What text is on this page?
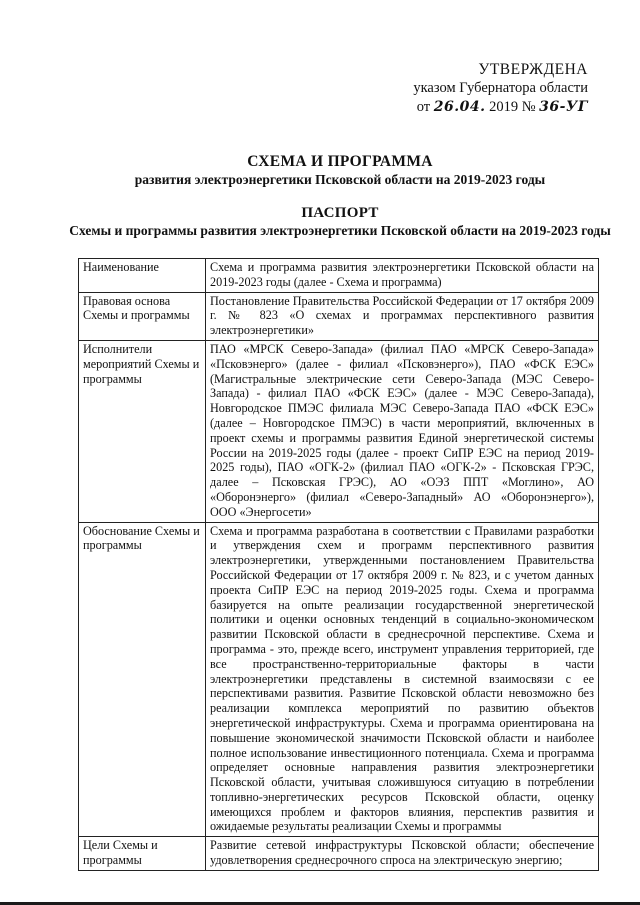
УТВЕРЖДЕНА
указом Губернатора области
от 26.04. 2019 № 36-УГ
СХЕМА И ПРОГРАММА
развития электроэнергетики Псковской области на 2019-2023 годы
ПАСПОРТ
Схемы и программы развития электроэнергетики Псковской области на 2019-2023 годы
Наименование	Схема и программа развития электроэнергетики Псковской области на 2019-2023 годы (далее - Схема и программа)
Правовая основа Схемы и программы	Постановление Правительства Российской Федерации от 17 октября 2009 г. № 823 «О схемах и программах перспективного развития электроэнергетики»
Исполнители мероприятий Схемы и программы	ПАО «МРСК Северо-Запада» (филиал ПАО «МРСК Северо-Запада» «Псковэнерго» (далее - филиал «Псковэнерго»), ПАО «ФСК ЕЭС» (Магистральные электрические сети Северо-Запада (МЭС Северо-Запада) - филиал ПАО «ФСК ЕЭС» (далее - МЭС Северо-Запада), Новгородское ПМЭС филиала МЭС Северо-Запада ПАО «ФСК ЕЭС» (далее – Новгородское ПМЭС) в части мероприятий, включенных в проект схемы и программы развития Единой энергетической системы России на 2019-2025 годы (далее - проект СиПР ЕЭС на период 2019-2025 годы), ПАО «ОГК-2» (филиал ПАО «ОГК-2» - Псковская ГРЭС, далее – Псковская ГРЭС), АО «ОЭЗ ППТ «Моглино», АО «Оборонэнерго» (филиал «Северо-Западный» АО «Оборонэнерго»), ООО «Энергосети»
Обоснование Схемы и программы	Схема и программа разработана в соответствии с Правилами разработки и утверждения схем и программ перспективного развития электроэнергетики, утвержденными постановлением Правительства Российской Федерации от 17 октября 2009 г. № 823, и с учетом данных проекта СиПР ЕЭС на период 2019-2025 годы. Схема и программа базируется на опыте реализации государственной энергетической политики и оценки основных тенденций в социально-экономическом развитии Псковской области в среднесрочной перспективе. Схема и программа - это, прежде всего, инструмент управления территорией, где все пространственно-территориальные факторы в части электроэнергетики представлены в системной взаимосвязи с ее перспективами развития. Развитие Псковской области невозможно без реализации комплекса мероприятий по развитию объектов энергетической инфраструктуры. Схема и программа ориентирована на повышение экономической значимости Псковской области и наиболее полное использование инвестиционного потенциала. Схема и программа определяет основные направления развития электроэнергетики Псковской области, учитывая сложившуюся ситуацию в потреблении топливно-энергетических ресурсов Псковской области, оценку имеющихся проблем и факторов влияния, перспектив развития и ожидаемые результаты реализации Схемы и программы
Цели Схемы и программы	Развитие сетевой инфраструктуры Псковской области; обеспечение удовлетворения среднесрочного спроса на электрическую энергию;
